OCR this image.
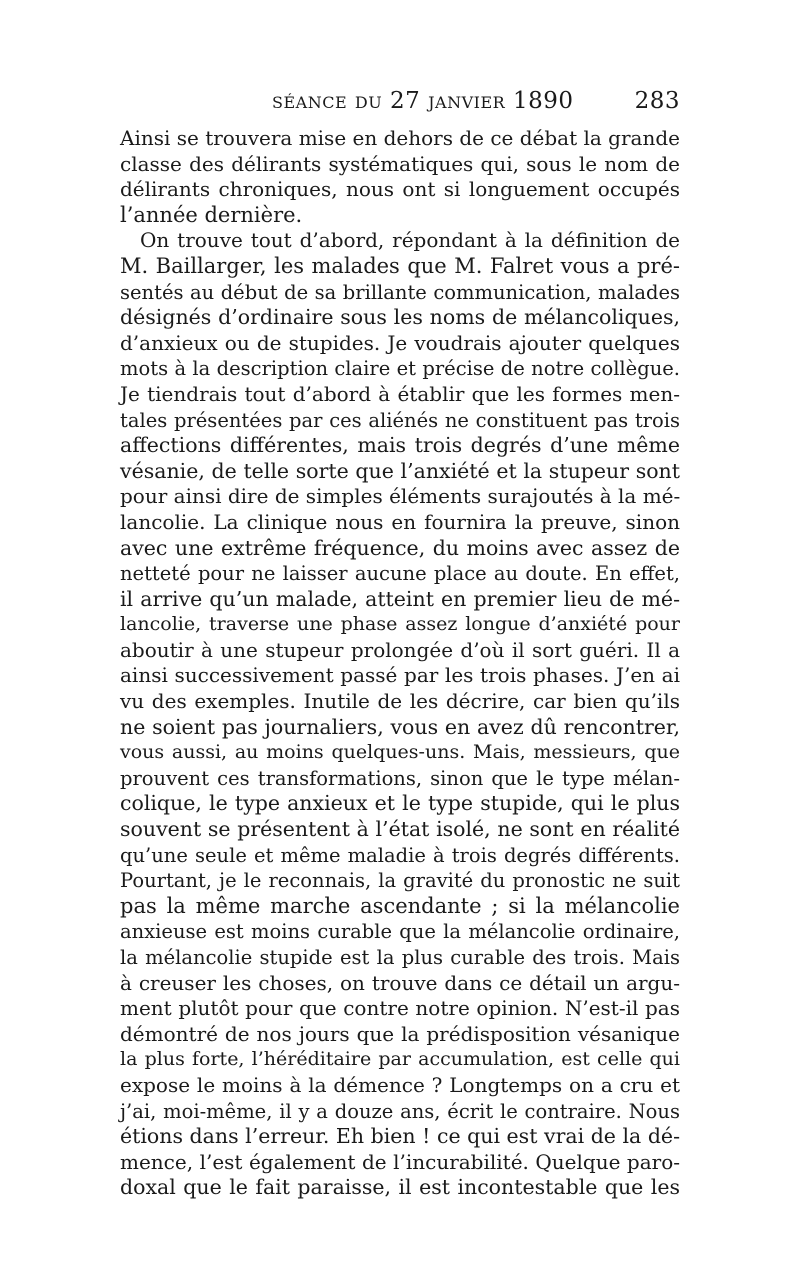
séance du 27 janvier 1890	283
Ainsi se trouvera mise en dehors de ce débat la grande
classe des délirants systématiques qui, sous le nom de
délirants chroniques, nous ont si longuement occupés
l’année dernière.
On trouve tout d’abord, répondant à la définition de
M. Baillarger, les malades que M. Falret vous a pré-
sentés au début de sa brillante communication, malades
désignés d’ordinaire sous les noms de mélancoliques,
d’anxieux ou de stupides. Je voudrais ajouter quelques
mots à la description claire et précise de notre collègue.
Je tiendrais tout d’abord à établir que les formes men-
tales présentées par ces aliénés ne constituent pas trois
affections différentes, mais trois degrés d’une même
vésanie, de telle sorte que l’anxiété et la stupeur sont
pour ainsi dire de simples éléments surajoutés à la mé-
lancolie. La clinique nous en fournira la preuve, sinon
avec une extrême fréquence, du moins avec assez de
netteté pour ne laisser aucune place au doute. En effet,
il arrive qu’un malade, atteint en premier lieu de mé-
lancolie, traverse une phase assez longue d’anxiété pour
aboutir à une stupeur prolongée d’où il sort guéri. Il a
ainsi successivement passé par les trois phases. J’en ai
vu des exemples. Inutile de les décrire, car bien qu’ils
ne soient pas journaliers, vous en avez dû rencontrer,
vous aussi, au moins quelques-uns. Mais, messieurs, que
prouvent ces transformations, sinon que le type mélan-
colique, le type anxieux et le type stupide, qui le plus
souvent se présentent à l’état isolé, ne sont en réalité
qu’une seule et même maladie à trois degrés différents.
Pourtant, je le reconnais, la gravité du pronostic ne suit
pas la même marche ascendante ; si la mélancolie
anxieuse est moins curable que la mélancolie ordinaire,
la mélancolie stupide est la plus curable des trois. Mais
à creuser les choses, on trouve dans ce détail un argu-
ment plutôt pour que contre notre opinion. N’est-il pas
démontré de nos jours que la prédisposition vésanique
la plus forte, l’héréditaire par accumulation, est celle qui
expose le moins à la démence ? Longtemps on a cru et
j’ai, moi-même, il y a douze ans, écrit le contraire. Nous
étions dans l’erreur. Eh bien ! ce qui est vrai de la dé-
mence, l’est également de l’incurabilité. Quelque paro-
doxal que le fait paraisse, il est incontestable que les
